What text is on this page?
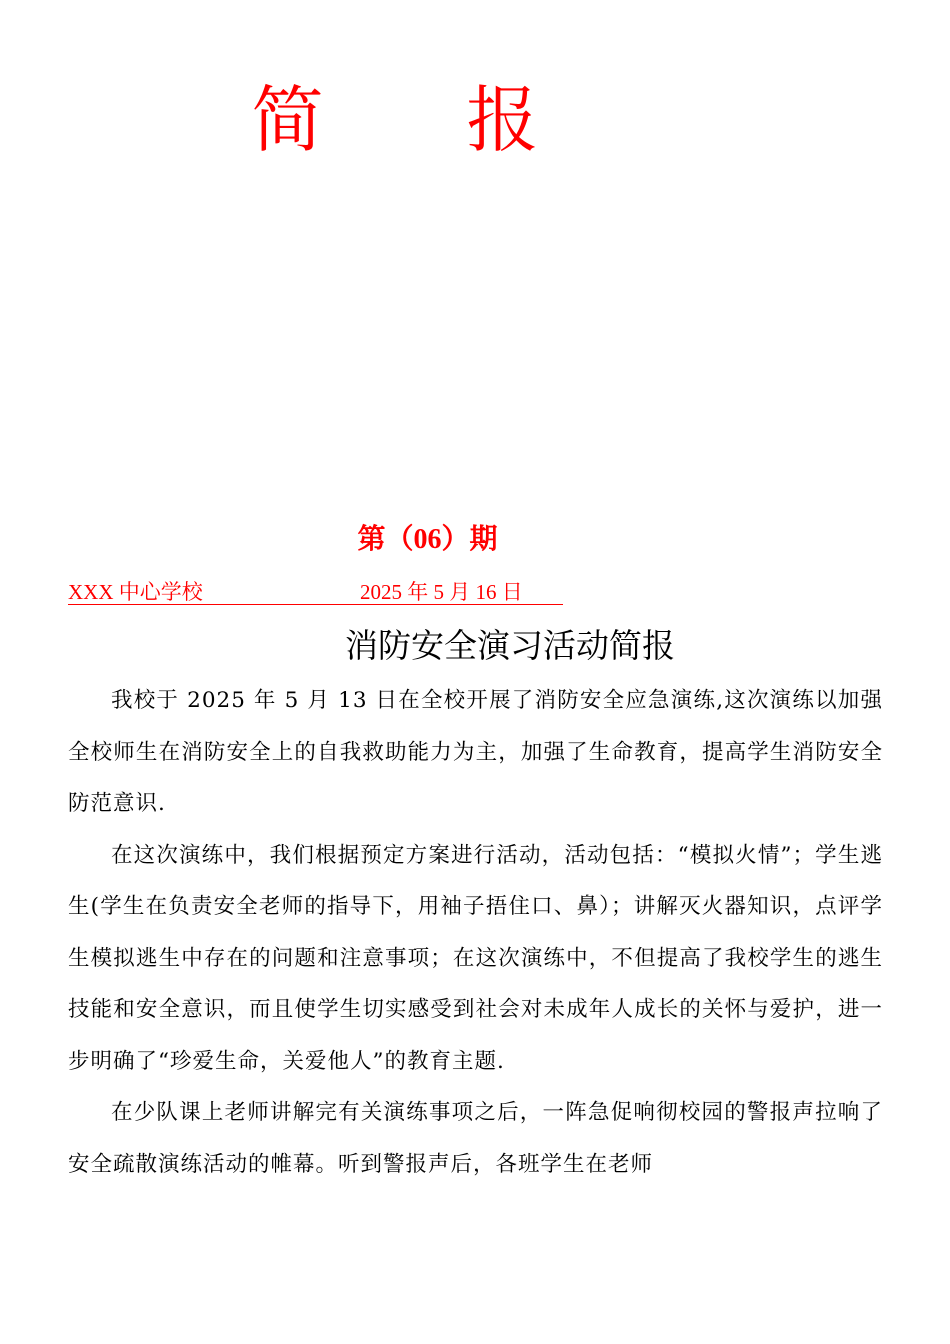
简 报
第（06）期
XXX 中心学校	2025 年 5 月 16 日
消防安全演习活动简报

我校于 2025 年 5 月 13 日在全校开展了消防安全应急演练,这次演练以加强全校师生在消防安全上的自我救助能力为主，加强了生命教育，提高学生消防安全防范意识.

在这次演练中，我们根据预定方案进行活动，活动包括：“模拟火情”；学生逃生(学生在负责安全老师的指导下，用袖子捂住口、鼻）；讲解灭火器知识，点评学生模拟逃生中存在的问题和注意事项；在这次演练中，不但提高了我校学生的逃生技能和安全意识，而且使学生切实感受到社会对未成年人成长的关怀与爱护，进一步明确了“珍爱生命，关爱他人”的教育主题.

在少队课上老师讲解完有关演练事项之后，一阵急促响彻校园的警报声拉响了安全疏散演练活动的帷幕。听到警报声后，各班学生在老师
